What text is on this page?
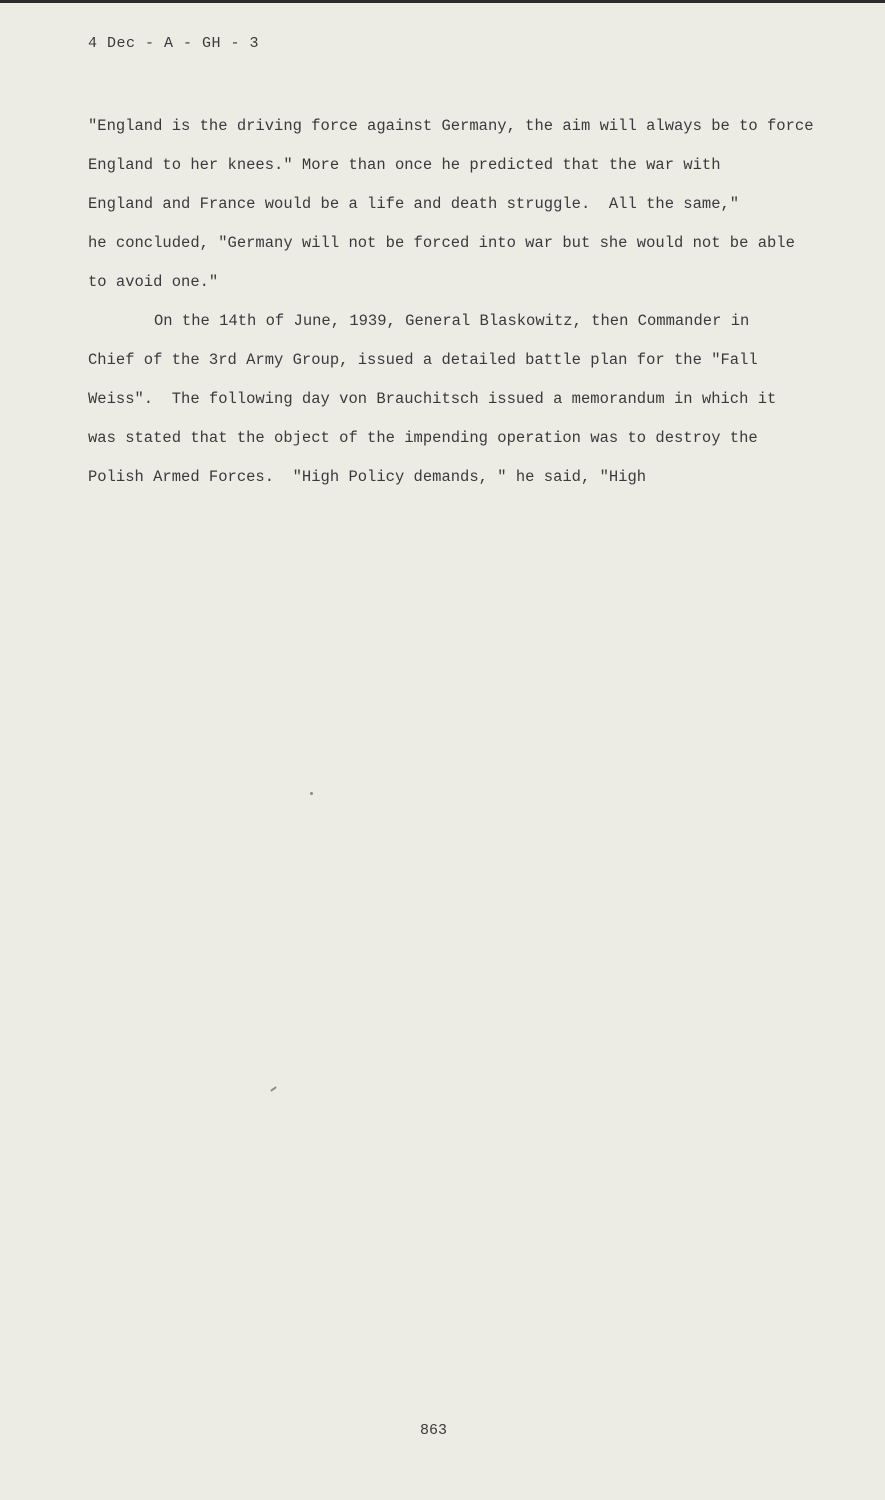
4 Dec - A - GH - 3
"England is the driving force against Germany, the aim will always be to force
England to her knees." More than once he predicted that the war with
England and France would be a life and death struggle.  All the same,"
he concluded, "Germany will not be forced into war but she would not be able
to avoid one."
On the 14th of June, 1939, General Blaskowitz, then Commander in
Chief of the 3rd Army Group, issued a detailed battle plan for the "Fall
Weiss".  The following day von Brauchitsch issued a memorandum in which it
was stated that the object of the impending operation was to destroy the
Polish Armed Forces.  "High Policy demands, " he said, "High
863
